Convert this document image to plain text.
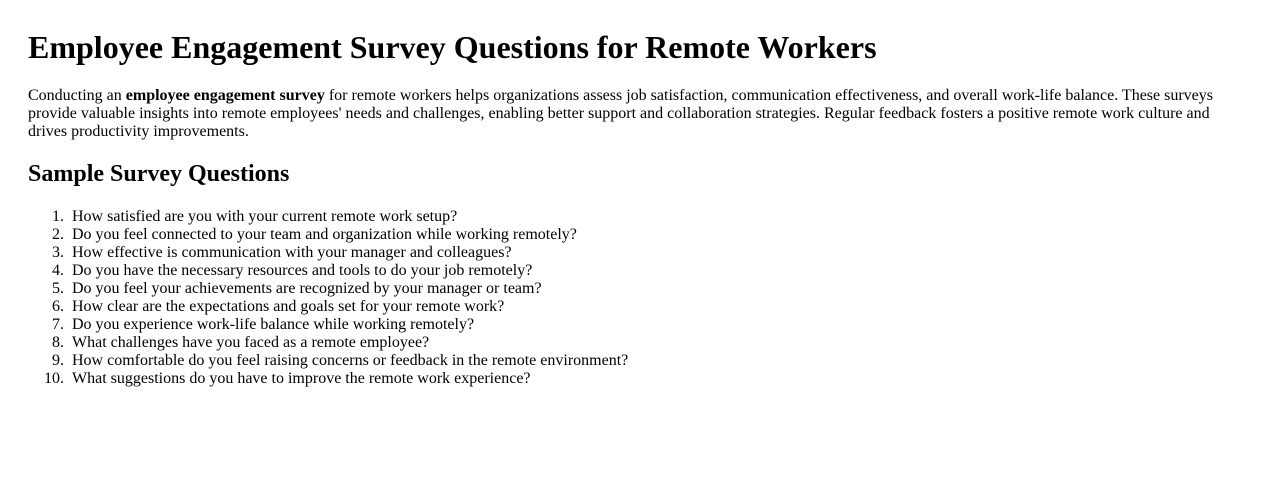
Employee Engagement Survey Questions for Remote Workers

Conducting an employee engagement survey for remote workers helps organizations assess job satisfaction, communication effectiveness, and overall work-life balance. These surveys provide valuable insights into remote employees' needs and challenges, enabling better support and collaboration strategies. Regular feedback fosters a positive remote work culture and drives productivity improvements.

Sample Survey Questions
1. How satisfied are you with your current remote work setup?
2. Do you feel connected to your team and organization while working remotely?
3. How effective is communication with your manager and colleagues?
4. Do you have the necessary resources and tools to do your job remotely?
5. Do you feel your achievements are recognized by your manager or team?
6. How clear are the expectations and goals set for your remote work?
7. Do you experience work-life balance while working remotely?
8. What challenges have you faced as a remote employee?
9. How comfortable do you feel raising concerns or feedback in the remote environment?
10. What suggestions do you have to improve the remote work experience?
